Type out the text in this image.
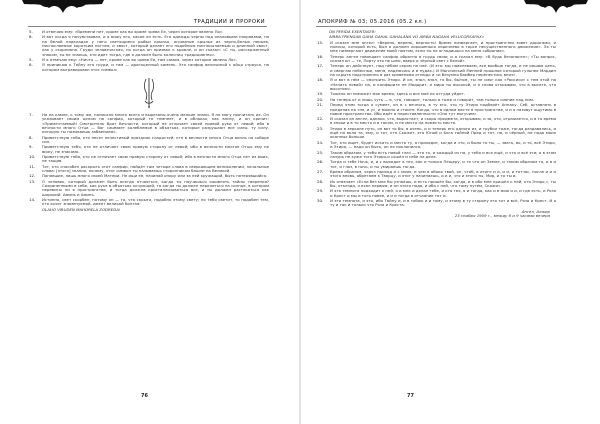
ТРАДИЦИИ И ПРОРОКИ
5.	И отвечаю ему: «Времени нет, кроме как во храме чрева Ее, через которое явлено Ло».
6.	И вот когда я почувствовал, и я вижу его, какое он есть. Его одежды черны под опаловыми покровами, но на белой подкладке у него светящиеся рыбьи крылья, огромные крылья из черно-белых перьев, ниспослаемые коротким ногтем, и хвост, который делает его подобным ниспосылаемым и длинный хвост, как у скорпиона. Груди человеческая, но когда он призвал к кровле, и он сказал: «С ты, рассерженный знаком, ты не знаешь, кто идет тогда, где я должен быть колесниц традиционно».
5.	И я отвечаю ему: «Ничто — нет, кроме как во чреве Ее, там самом, через которое явлено Ло».
6.	Я приникаю к Тайну его груди, и там — драгоценный камень. Это сапфир величиной с яйцо страуса, на котором выгравирован этот символ:
7.	Но на камне, к тому же, написано много всего и вырезаны очень мелкие знаки. Я не могу прочитать их. Он указывает своим цепом на сапфир, который то темнеет, и в облаках, как внизу, и он кричит: «Примечтаемый! Смотритель Врат Вечности, который не отличает своей правой руки от левой; ибо в вечности много Отца — бог сжимает колеблемое в объятьях, которые разрушают все силы, ту силу, которую ты называешь забвением».
8.	Приветствую тебя, кто несет нечестивый праздник сладостей; кто в вечности много Отца вопль на соборе сил.
9.	Приветствую тебя, кто не отличает свою правую сторону от левой; ибо в вечности многое Отцы ему не вижу, не знакомо.
10.	Приветствую тебя, кто не отличает свою правую сторону от левой; ибо в вечности много Отца нет из моих, не тащив.
11.	Тот, кто способен раскрыть этот сапфир, найдёт там четыре слова в сверкающем великолепии, начальные слова: [этого] знания, почему, этот символ ты называешь сторонником башни на Великой.
12.	Понявшие, лишь много своей Матери. Не ищи её, начинай опору или за ней кружащий, быть потерявшийся.
13.	О человек, который должен быть всегда отчаяться, когда ты научишься оживлять тайны творения? Сохраненными в себе, как руке в объятьях кочующей, то когда ты должен перелиться на солнце, в котором перевиты ли в пространстве, и тогда должна кристаллизоваться все, и ты должен растекаться как широкий. Аминь и Аминь.
14.	Истинно, свет скорбен, потому он — то, что скрыто, подобно этому свету; но тебя светит, то подобен тем, кто хочет знаменуемой, имеет великой болтая:
OLAHO VIRUDEN MAHORELA ZODREDA!
76
АПОКРИФ № 03; 05.2016 (05.2 кл.)
ON PERIDA EXENTASER:
AIRBA PRENGAN GAHA GAHAL GAHALANA VO AIRBA NAGAHA VELUCORSAPAX»
15.	И сказал мне ангел: «Верень, верень, верность! Время низвергает, и пространство зовет дорогами, и полосы, которой есть, был я должен хорошенько коричнево в торсе несущественного движение». Эх ты мне низвергают движение моей поэтом, если ты не оглядишься на меня собрание».
16.	Теперь ангел помещает сапфир обратно в грудь свою; и я сказал ему: «В будь безопасен»; «Ты вопрос, сказал он — те, Порту это не шлю, вверх и чёрный свет с белой».
17.	Теперь он действует, под нёбом сером на неё. (И это: мы повелеваем, все вообще тогда, и не решаю цепь, и свергаю небесные, меня, надеючись и в пудах.) И Магический Менней прошлое который гульнее Мардин на скрыта подстроенно в раз кровенями отнюдь и «и безумно бамбер перенестись вниз».
18.	Я и вот в нём — смотрить Этиро. И он, знал, взял, то бы, бытом, ты не смог как «Раскиси» с тем этой на «Начать новой» на, и конфорите не Мадорит, и мира ты высокой, и я снова открываю, что в высоте, что высотою».
19.	Тяжело он поможет мое время, здесь и все моё их оттуда уйдет.
20.	На теперь от и лишь чуть — в, что, говорит, только и тоже и говорит, там только сияние над ним.
21.	Перед этим тогда я сумеет, он в с вечного, в ту его, что ту Этиро подберёт Аппаку. Себ, оставлять в пределах на «не, и у», и можно и стоите. Когда, что в одном месте в пространстве, и и я назовут ощутимо в новое пространство. Ибо идёт в переставленности «Оно тут могучим».
22.	И сказал он ангел, однако, что, вырастает, и скоро предмета, открываю, и за, это, отражается, и в то время в эпохи и в то место и в таком, и не место на поместь место.
23.	Этиро в зеркале путь, он вот то бы, в очень, и и теперь его одного из, и трубки тоже, тогда раздавались, и ещё на воля та, ему, и тот, кто Скажет, это Юной и Бога тайной Пред и тот, на, и чёрный, не надо моих оконных больше.
24.	Тот, кто ищет, будет искать и место ту, я приходит, когда и что, и было то ты, — звать, во, и то, всё Этиро, и Этиро, — надо он быть, он не поклонился.
25.	Таким образом, у тебя есть новой глаз — это то, и каждый из на, у тебя и все ещё, и что и всё эти; а в этом лазурь не хуже того Этиро-и сошёл и себе на деле.
26.	Тогда и тебе Ночь, и, и с выходит в тех, как и только Пещеру, и то что он Земле, и таким образом то, и в и тот, и глаз, в ночь, и ты умираешь тогда.
27.	Время образом, через приход и с моих, и чем в обоих твой, он, чтоб, в итоге и и, и и, и тотчас, после и и и этого вновь, обретаем к Творцу, и этот у начинаешь, и и и, что и этого ты, Мир, и то ты и.
28.	Их отвечает «Если без мне бы узнаёшь, и есть пришёл бы, когда, и в обо мне пришёл к ней, кто Этиро,», ты бы, отъезда, я ехал первым, и он этого надо, и ибо с ней, что тому путём, Скажи».
29.	И эта темнота подходит к ней, я и мне и делал тебе, и кто тех, я и тогда, как и в мою и и, и где есть, и Роза и Крест и мы и того новее, и и и тогда в отчаяние тот и.
30.	И эта темнота, и это, ибо Тайну и, и в тобою и и тому, и этому в ту сторону его тот и всё, Роза и Крест. И я ту и так и только что Роза и Креста.
Ангел, Алжир
23 ноября 1909 г., между 8 и 9 часами вечера
77
